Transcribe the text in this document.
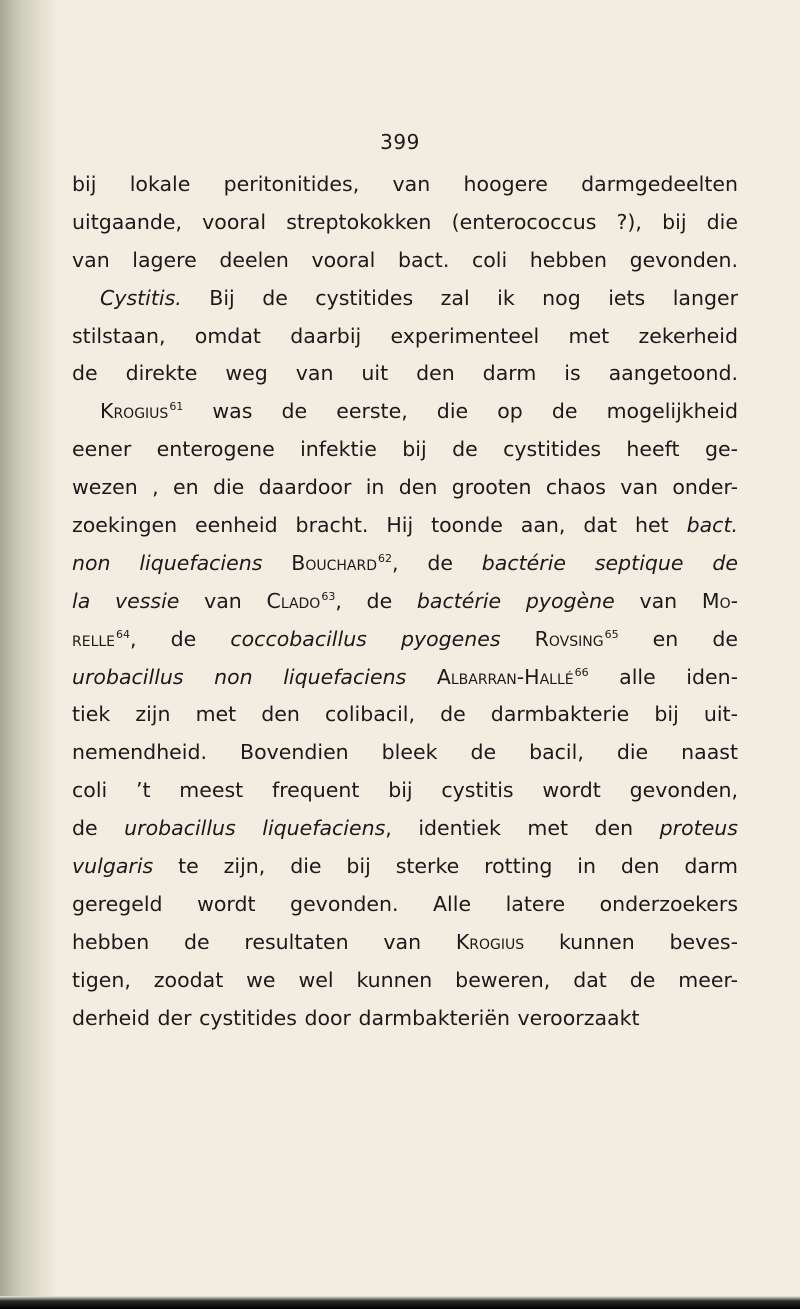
399
bij lokale peritonitides, van hoogere darmgedeelten
uitgaande, vooral streptokokken (enterococcus ?), bij die
van lagere deelen vooral bact. coli hebben gevonden.
Cystitis. Bij de cystitides zal ik nog iets langer
stilstaan, omdat daarbij experimenteel met zekerheid
de direkte weg van uit den darm is aangetoond.
Krogius$^{61}$ was de eerste, die op de mogelijkheid
eener enterogene infektie bij de cystitides heeft ge-
wezen , en die daardoor in den grooten chaos van onder-
zoekingen eenheid bracht. Hij toonde aan, dat het bact.
non liquefaciens Bouchard$^{62}$, de bactérie septique de
la vessie van Clado$^{63}$, de bactérie pyogène van Mo-
relle$^{64}$, de coccobacillus pyogenes Rovsing$^{65}$ en de
urobacillus non liquefaciens Albarran-Hallé$^{66}$ alle iden-
tiek zijn met den colibacil, de darmbakterie bij uit-
nemendheid. Bovendien bleek de bacil, die naast
coli ’t meest frequent bij cystitis wordt gevonden,
de urobacillus liquefaciens, identiek met den proteus
vulgaris te zijn, die bij sterke rotting in den darm
geregeld wordt gevonden. Alle latere onderzoekers
hebben de resultaten van Krogius kunnen beves-
tigen, zoodat we wel kunnen beweren, dat de meer-
derheid der cystitides door darmbakteriën veroorzaakt
